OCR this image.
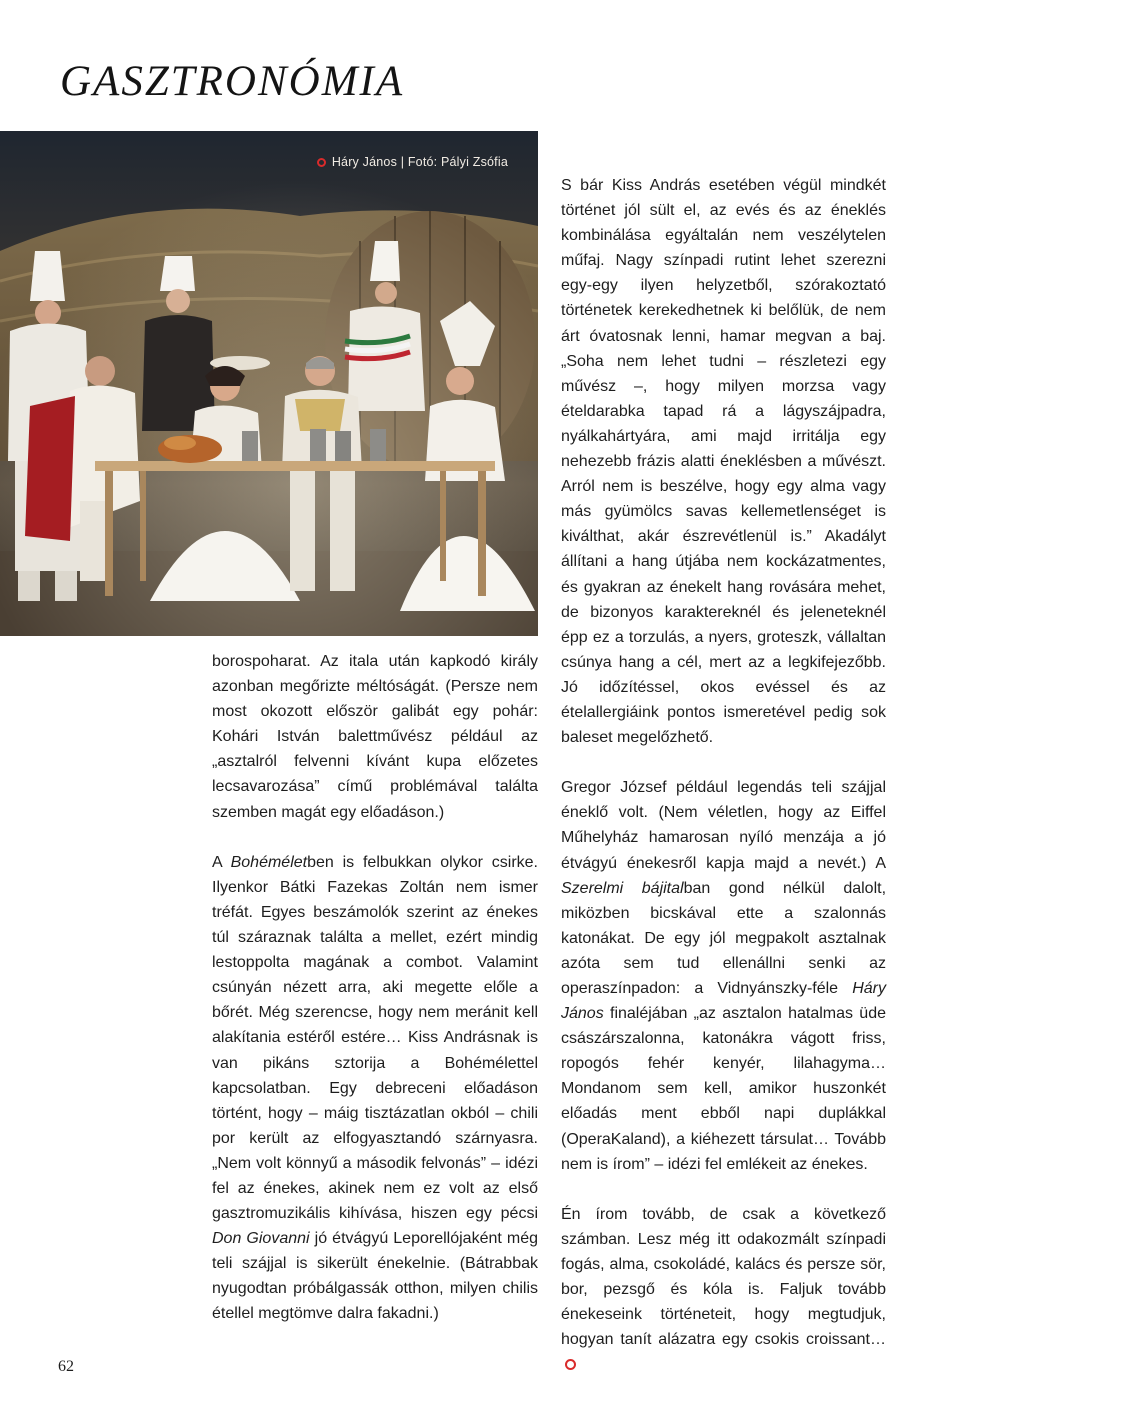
GASZTRONÓMIA
Háry János | Fotó: Pályi Zsófia

borospoharat. Az itala után kapkodó király azonban megőrizte méltóságát. (Persze nem most okozott először galibát egy pohár: Kohári István balettművész például az „asztalról felvenni kívánt kupa előzetes lecsavarozása” című problémával találta szemben magát egy előadáson.)

A Bohéméletben is felbukkan olykor csirke. Ilyenkor Bátki Fazekas Zoltán nem ismer tréfát. Egyes beszámolók szerint az énekes túl száraznak találta a mellet, ezért mindig lestoppolta magának a combot. Valamint csúnyán nézett arra, aki megette előle a bőrét. Még szerencse, hogy nem meránit kell alakítania estéről estére… Kiss Andrásnak is van pikáns sztorija a Bohémélettel kapcsolatban. Egy debreceni előadáson történt, hogy – máig tisztázatlan okból – chili por került az elfogyasztandó szárnyasra. „Nem volt könnyű a második felvonás” – idézi fel az énekes, akinek nem ez volt az első gasztromuzikális kihívása, hiszen egy pécsi Don Giovanni jó étvágyú Leporellójaként még teli szájjal is sikerült énekelnie. (Bátrabbak nyugodtan próbálgassák otthon, milyen chilis étellel megtömve dalra fakadni.)

S bár Kiss András esetében végül mindkét történet jól sült el, az evés és az éneklés kombinálása egyáltalán nem veszélytelen műfaj. Nagy színpadi rutint lehet szerezni egy-egy ilyen helyzetből, szórakoztató történetek kerekedhetnek ki belőlük, de nem árt óvatosnak lenni, hamar megvan a baj. „Soha nem lehet tudni – részletezi egy művész –, hogy milyen morzsa vagy ételdarabka tapad rá a lágyszájpadra, nyálkahártyára, ami majd irritálja egy nehezebb frázis alatti éneklésben a művészt. Arról nem is beszélve, hogy egy alma vagy más gyümölcs savas kellemetlenséget is kiválthat, akár észrevétlenül is.” Akadályt állítani a hang útjába nem kockázatmentes, és gyakran az énekelt hang rovására mehet, de bizonyos karaktereknél és jeleneteknél épp ez a torzulás, a nyers, groteszk, vállaltan csúnya hang a cél, mert az a legkifejezőbb. Jó időzítéssel, okos evéssel és az ételallergiáink pontos ismeretével pedig sok baleset megelőzhető.

Gregor József például legendás teli szájjal éneklő volt. (Nem véletlen, hogy az Eiffel Műhelyház hamarosan nyíló menzája a jó étvágyú énekesről kapja majd a nevét.) A Szerelmi bájitalban gond nélkül dalolt, miközben bicskával ette a szalonnás katonákat. De egy jól megpakolt asztalnak azóta sem tud ellenállni senki az operaszínpadon: a Vidnyánszky-féle Háry János finaléjában „az asztalon hatalmas üde császárszalonna, katonákra vágott friss, ropogós fehér kenyér, lilahagyma… Mondanom sem kell, amikor huszonkét előadás ment ebből napi duplákkal (OperaKaland), a kiéhezett társulat… Tovább nem is írom” – idézi fel emlékeit az énekes.

Én írom tovább, de csak a következő számban. Lesz még itt odakozmált színpadi fogás, alma, csokoládé, kalács és persze sör, bor, pezsgő és kóla is. Faljuk tovább énekeseink történeteit, hogy megtudjuk, hogyan tanít alázatra egy csokis croissant…

62
